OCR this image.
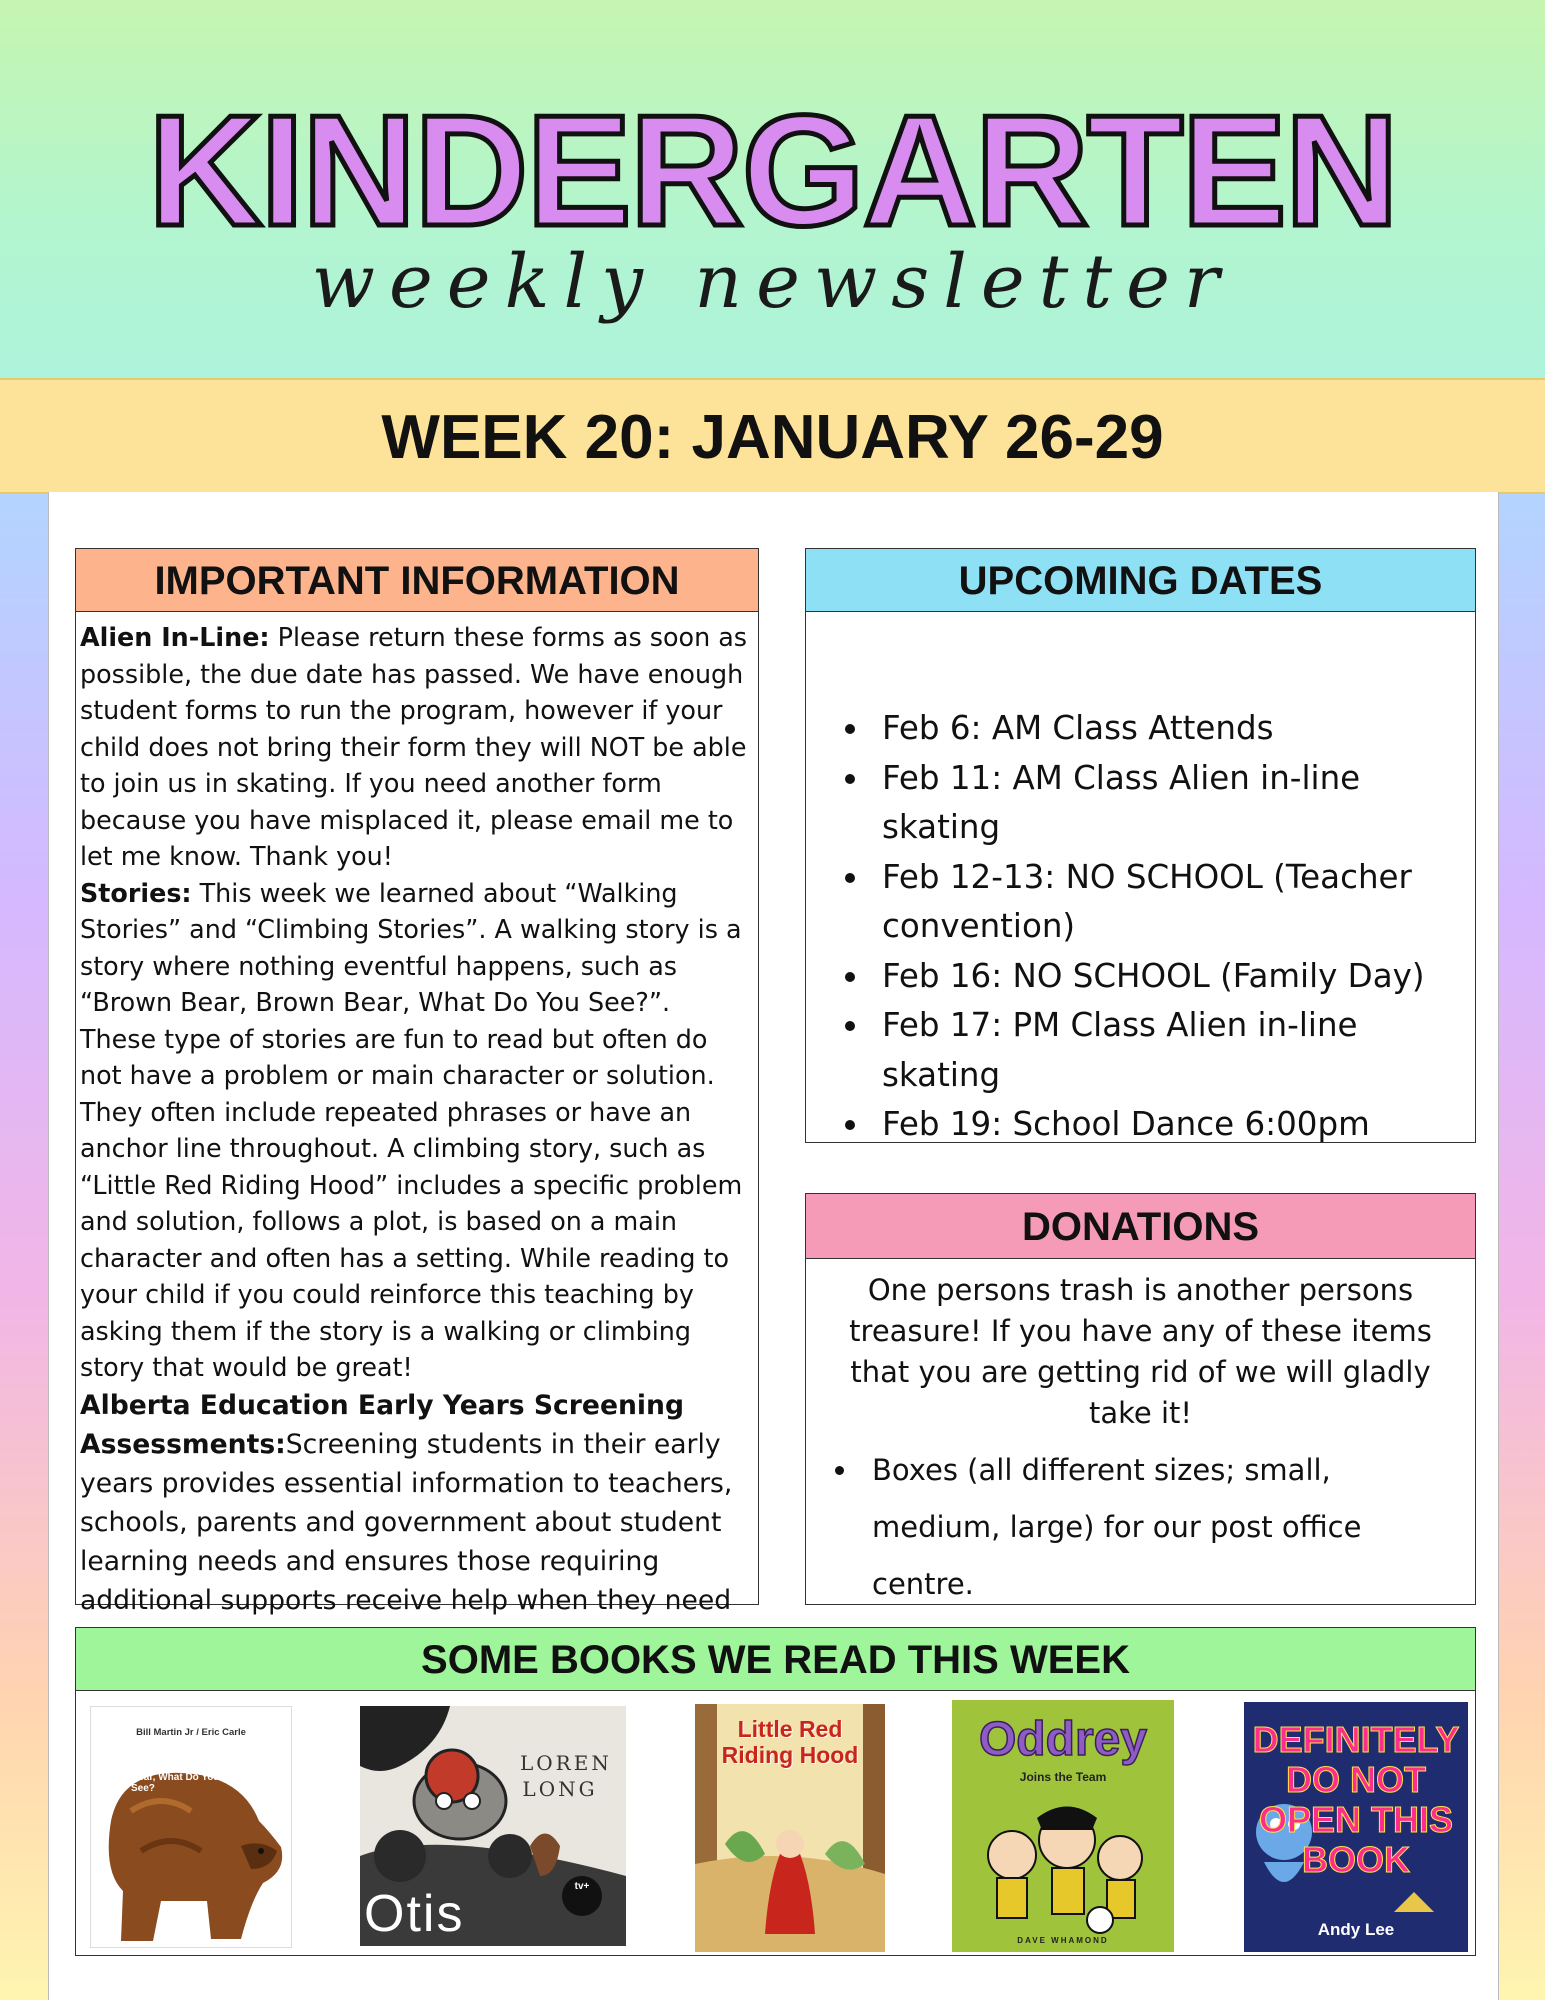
KINDERGARTEN
weekly newsletter
WEEK 20: JANUARY 26-29
IMPORTANT INFORMATION

Alien In-Line: Please return these forms as soon as possible, the due date has passed. We have enough student forms to run the program, however if your child does not bring their form they will NOT be able to join us in skating. If you need another form because you have misplaced it, please email me to let me know. Thank you!

Stories: This week we learned about “Walking Stories” and “Climbing Stories”. A walking story is a story where nothing eventful happens, such as “Brown Bear, Brown Bear, What Do You See?”. These type of stories are fun to read but often do not have a problem or main character or solution. They often include repeated phrases or have an anchor line throughout. A climbing story, such as “Little Red Riding Hood” includes a specific problem and solution, follows a plot, is based on a main character and often has a setting. While reading to your child if you could reinforce this teaching by asking them if the story is a walking or climbing story that would be great!

Alberta Education Early Years Screening Assessments:Screening students in their early years provides essential information to teachers, schools, parents and government about student learning needs and ensures those requiring additional supports receive help when they need

UPCOMING DATES
• Feb 6: AM Class Attends
• Feb 11: AM Class Alien in-line skating
• Feb 12-13: NO SCHOOL (Teacher convention)
• Feb 16: NO SCHOOL (Family Day)
• Feb 17: PM Class Alien in-line skating
• Feb 19: School Dance 6:00pm
DONATIONS
One persons trash is another persons treasure! If you have any of these items that you are getting rid of we will gladly take it!
• Boxes (all different sizes; small, medium, large) for our post office centre.
SOME BOOKS WE READ THIS WEEK
Bill Martin Jr / Eric Carle
Brown Bear, Brown Bear, What Do You See?
LOREN LONG
tv+
Otis
Little Red Riding Hood	Oddrey
Joins the Team
DAVE WHAMOND
DEFINITELY DO NOT OPEN THIS BOOK
Andy Lee
